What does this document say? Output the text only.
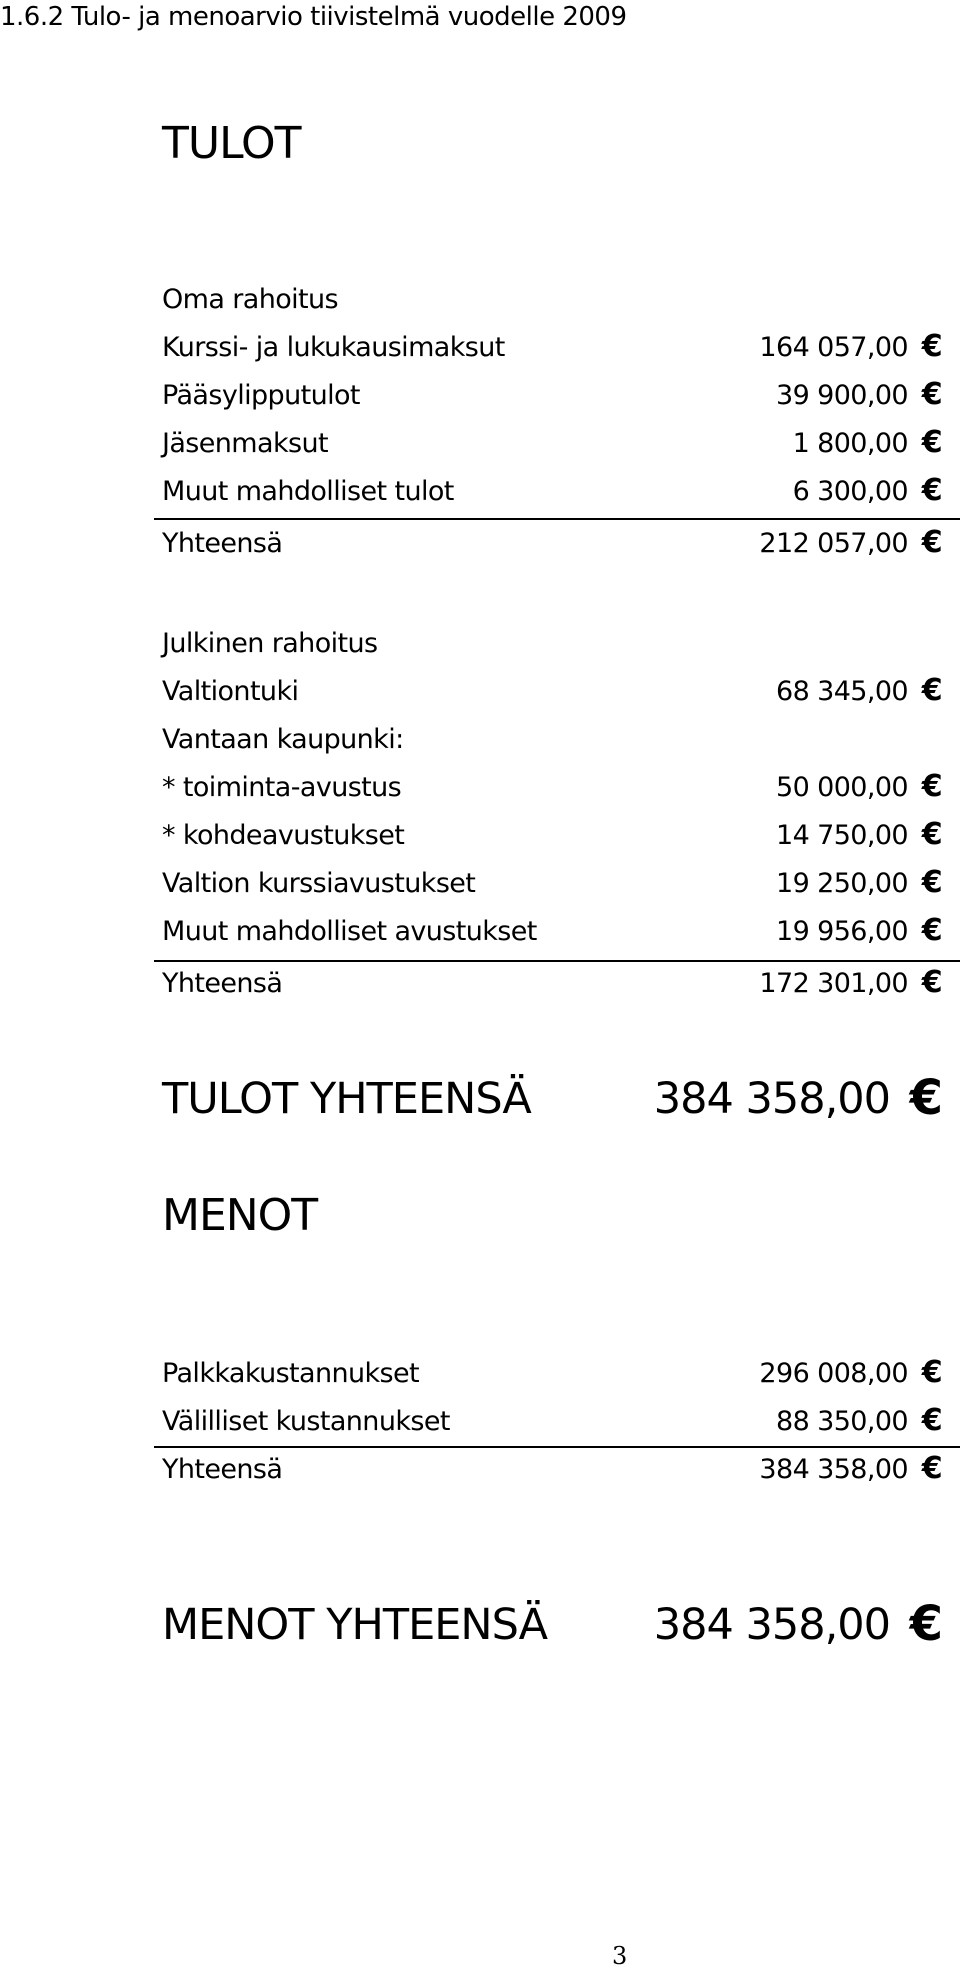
1.6.2 Tulo- ja menoarvio tiivistelmä vuodelle 2009
TULOT
Oma rahoitus
Kurssi- ja lukukausimaksut	164 057,00 €
Pääsylipputulot	39 900,00 €
Jäsenmaksut	1 800,00 €
Muut mahdolliset tulot	6 300,00 €
Yhteensä	212 057,00 €
Julkinen rahoitus
Valtiontuki	68 345,00 €
Vantaan kaupunki:
* toiminta-avustus	50 000,00 €
* kohdeavustukset	14 750,00 €
Valtion kurssiavustukset	19 250,00 €
Muut mahdolliset avustukset	19 956,00 €
Yhteensä	172 301,00 €
TULOT YHTEENSÄ	384 358,00 €
MENOT
Palkkakustannukset	296 008,00 €
Välilliset kustannukset	88 350,00 €
Yhteensä	384 358,00 €
MENOT YHTEENSÄ 384 358,00 €
3
